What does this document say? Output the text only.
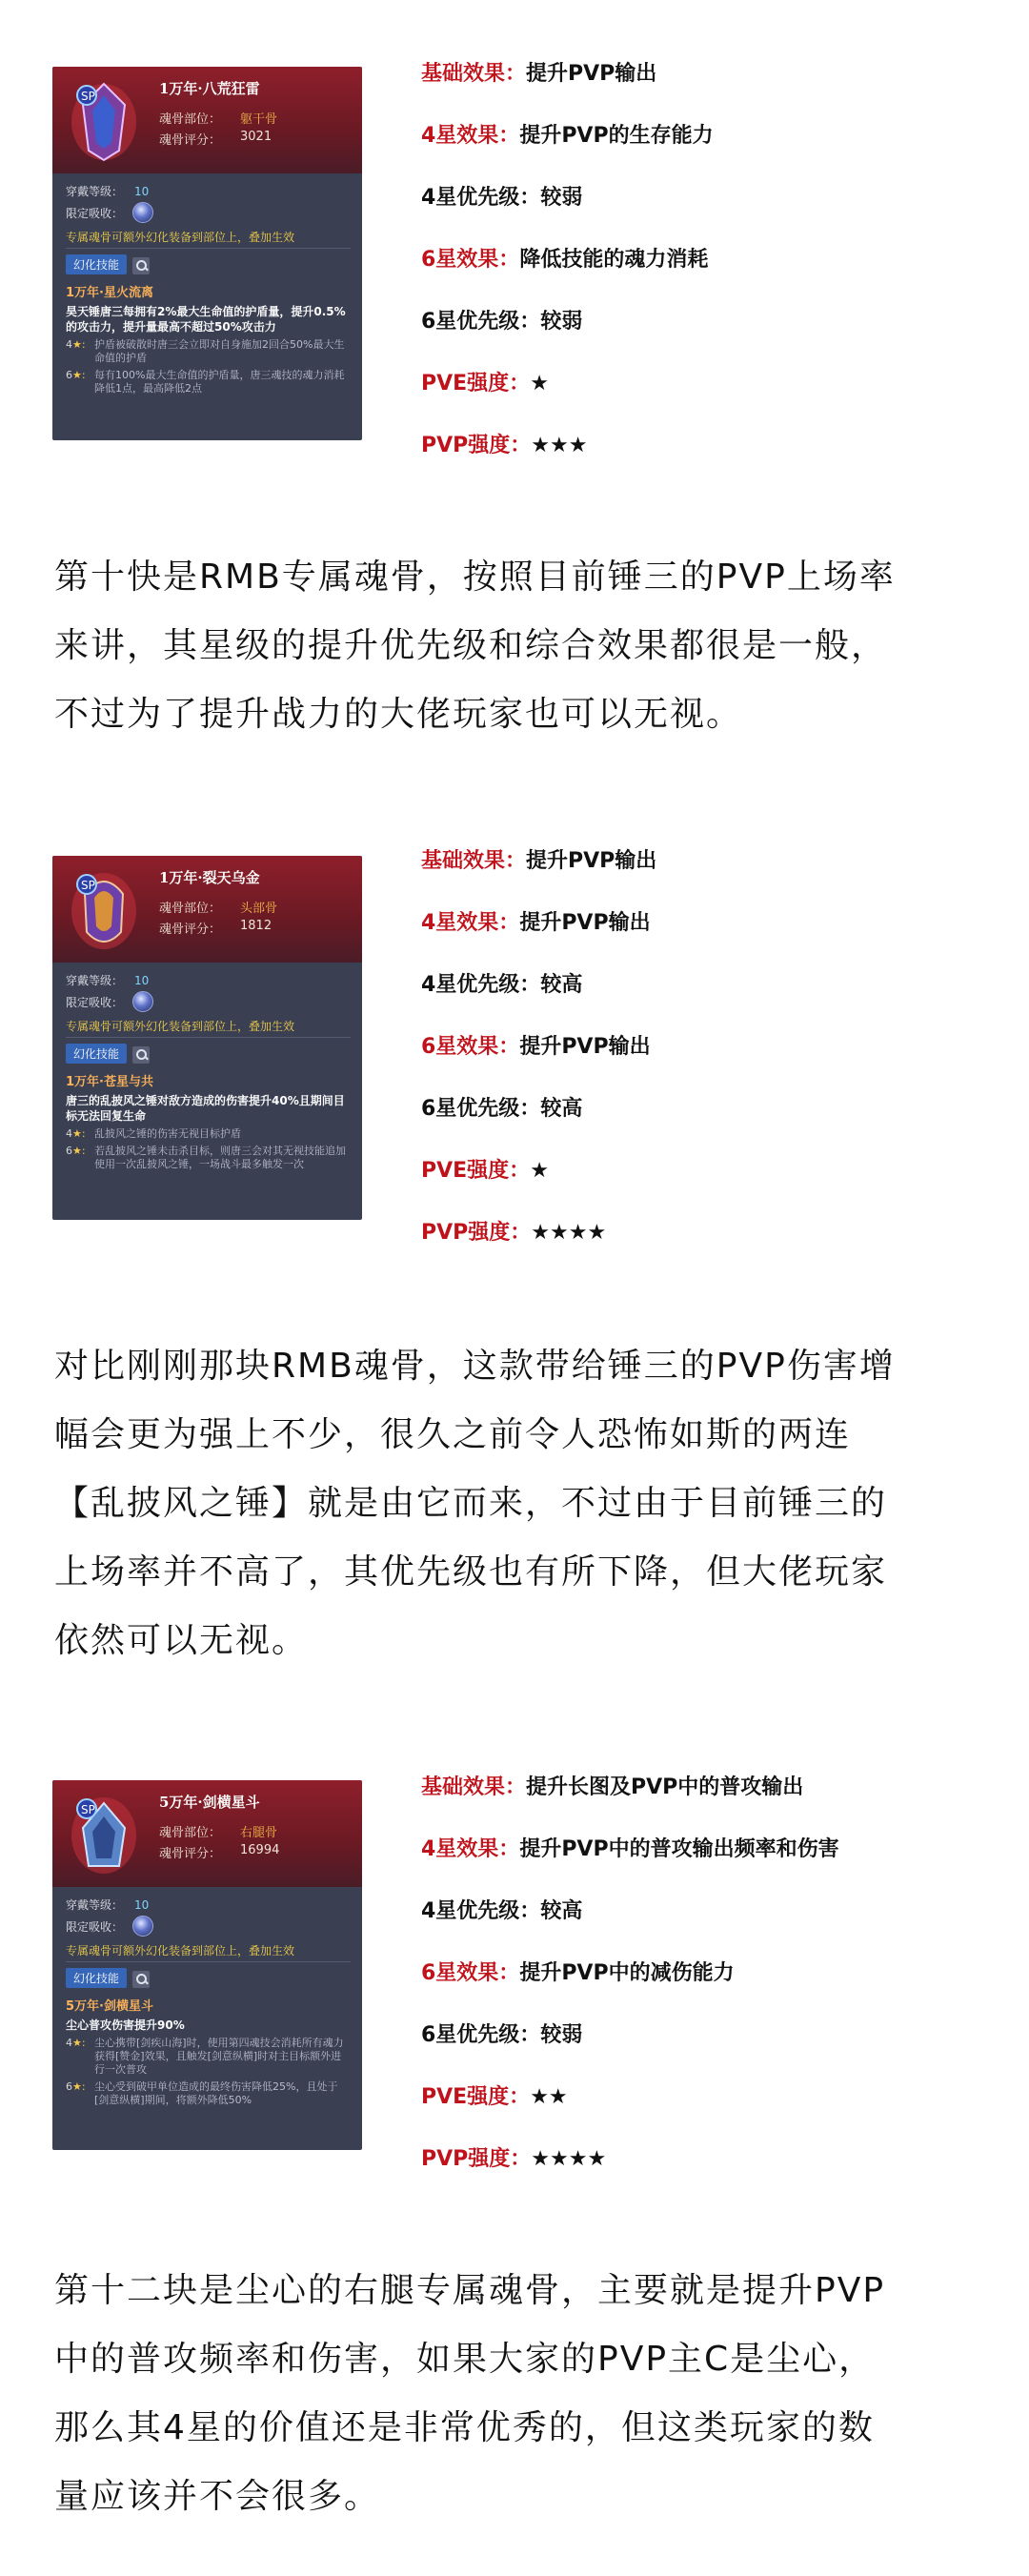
SP	1万年·八荒狂雷
魂骨部位： 躯干骨
魂骨评分： 3021
穿戴等级： 10
限定吸收：
专属魂骨可额外幻化装备到部位上，叠加生效
幻化技能
1万年·星火流离
昊天锤唐三每拥有2%最大生命值的护盾量，提升0.5%的攻击力，提升量最高不超过50%攻击力
4★: 护盾被破散时唐三会立即对自身施加2回合50%最大生命值的护盾
6★: 每有100%最大生命值的护盾量，唐三魂技的魂力消耗降低1点，最高降低2点
基础效果：提升PVP输出
4星效果：提升PVP的生存能力
4星优先级：较弱
6星效果：降低技能的魂力消耗
6星优先级：较弱
PVE强度：★
PVP强度：★★★
第十快是RMB专属魂骨，按照目前锤三的PVP上场率
来讲，其星级的提升优先级和综合效果都很是一般，
不过为了提升战力的大佬玩家也可以无视。
SP	1万年·裂天乌金
魂骨部位： 头部骨
魂骨评分： 1812
穿戴等级： 10
限定吸收：
专属魂骨可额外幻化装备到部位上，叠加生效
幻化技能
1万年·苍星与共
唐三的乱披风之锤对敌方造成的伤害提升40%且期间目标无法回复生命
4★: 乱披风之锤的伤害无视目标护盾
6★: 若乱披风之锤未击杀目标，则唐三会对其无视技能追加使用一次乱披风之锤，一场战斗最多触发一次
基础效果：提升PVP输出
4星效果：提升PVP输出
4星优先级：较高
6星效果：提升PVP输出
6星优先级：较高
PVE强度：★
PVP强度：★★★★
对比刚刚那块RMB魂骨，这款带给锤三的PVP伤害增
幅会更为强上不少，很久之前令人恐怖如斯的两连
【乱披风之锤】就是由它而来，不过由于目前锤三的
上场率并不高了，其优先级也有所下降，但大佬玩家
依然可以无视。
SP	5万年·剑横星斗
魂骨部位： 右腿骨
魂骨评分： 16994
穿戴等级： 10
限定吸收：
专属魂骨可额外幻化装备到部位上，叠加生效
幻化技能
5万年·剑横星斗
尘心普攻伤害提升90%
4★: 尘心携带[剑疾山海]时，使用第四魂技会消耗所有魂力获得[赞金]效果，且触发[剑意纵横]时对主目标额外进行一次普攻
6★: 尘心受到破甲单位造成的最终伤害降低25%，且处于[剑意纵横]期间，将额外降低50%
基础效果：提升长图及PVP中的普攻输出
4星效果：提升PVP中的普攻输出频率和伤害
4星优先级：较高
6星效果：提升PVP中的减伤能力
6星优先级：较弱
PVE强度：★★
PVP强度：★★★★
第十二块是尘心的右腿专属魂骨，主要就是提升PVP
中的普攻频率和伤害，如果大家的PVP主C是尘心，
那么其4星的价值还是非常优秀的，但这类玩家的数
量应该并不会很多。
